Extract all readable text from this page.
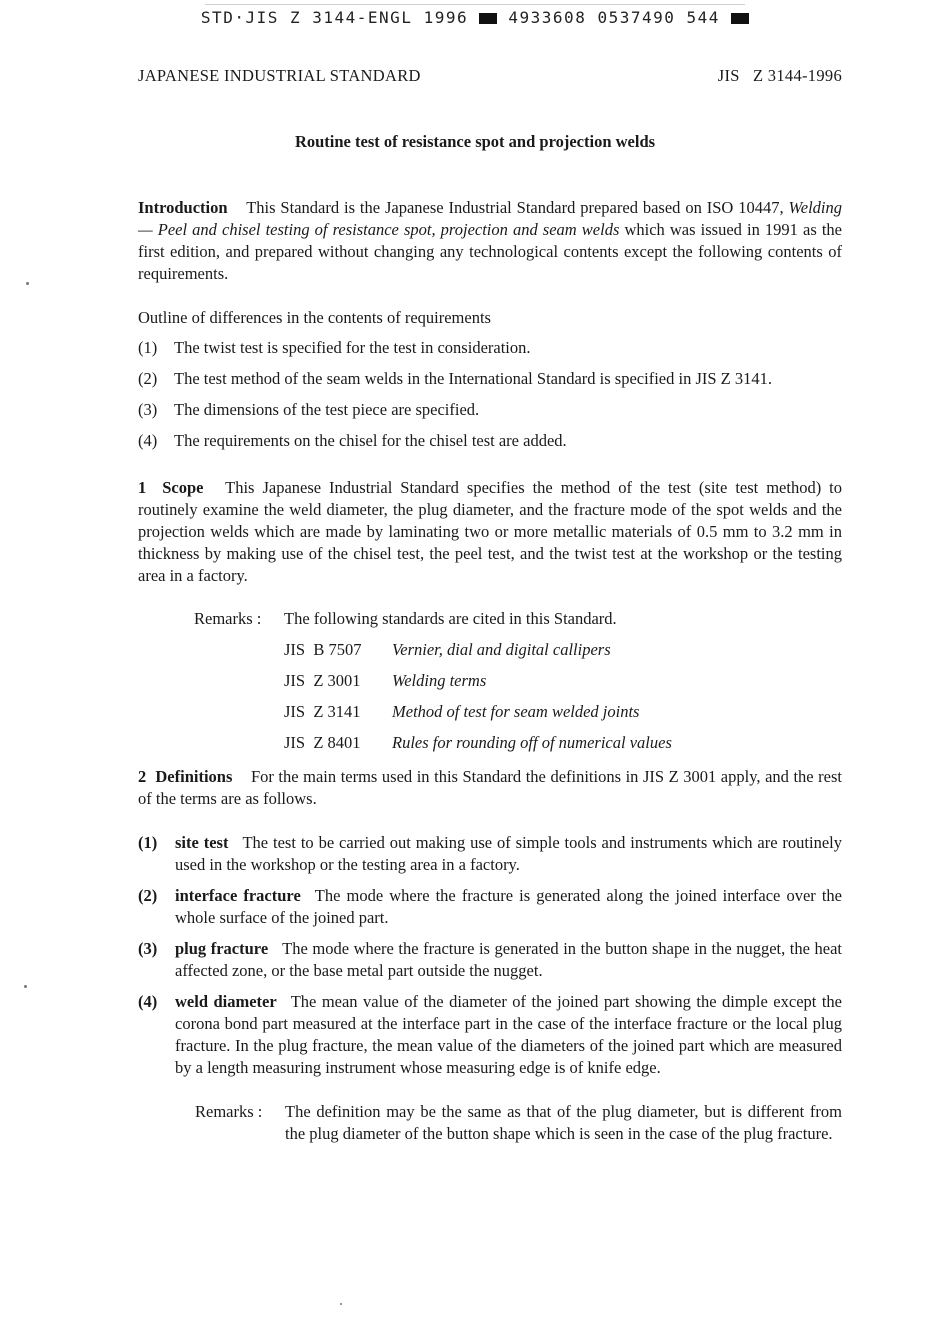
STD·JIS Z 3144-ENGL 1996	4933608 0537490 544
JAPANESE INDUSTRIAL STANDARD	JIS   Z 3144-1996
Routine test of resistance spot and projection welds

Introduction This Standard is the Japanese Industrial Standard prepared based on ISO 10447, Welding — Peel and chisel testing of resistance spot, projection and seam welds which was issued in 1991 as the first edition, and prepared without changing any technological contents except the following contents of requirements.

Outline of differences in the contents of requirements
(1)	The twist test is specified for the test in consideration.
(2)	The test method of the seam welds in the International Standard is specified in JIS Z 3141.
(3)	The dimensions of the test piece are specified.
(4)	The requirements on the chisel for the chisel test are added.

1 Scope This Japanese Industrial Standard specifies the method of the test (site test method) to routinely examine the weld diameter, the plug diameter, and the fracture mode of the spot welds and the projection welds which are made by laminating two or more metallic materials of 0.5 mm to 3.2 mm in thickness by making use of the chisel test, the peel test, and the twist test at the workshop or the testing area in a factory.

Remarks :	The following standards are cited in this Standard.
JIS  B 7507	Vernier, dial and digital callipers
JIS  Z 3001	Welding terms
JIS  Z 3141	Method of test for seam welded joints
JIS  Z 8401	Rules for rounding off of numerical values

2 Definitions For the main terms used in this Standard the definitions in JIS Z 3001 apply, and the rest of the terms are as follows.

(1)	site test The test to be carried out making use of simple tools and instruments which are routinely used in the workshop or the testing area in a factory.
(2)	interface fracture The mode where the fracture is generated along the joined interface over the whole surface of the joined part.
(3)	plug fracture The mode where the fracture is generated in the button shape in the nugget, the heat affected zone, or the base metal part outside the nugget.
(4)	weld diameter The mean value of the diameter of the joined part showing the dimple except the corona bond part measured at the interface part in the case of the interface fracture or the local plug fracture. In the plug fracture, the mean value of the diameters of the joined part which are measured by a length measuring instrument whose measuring edge is of knife edge.
Remarks :	The definition may be the same as that of the plug diameter, but is different from the plug diameter of the button shape which is seen in the case of the plug fracture.
